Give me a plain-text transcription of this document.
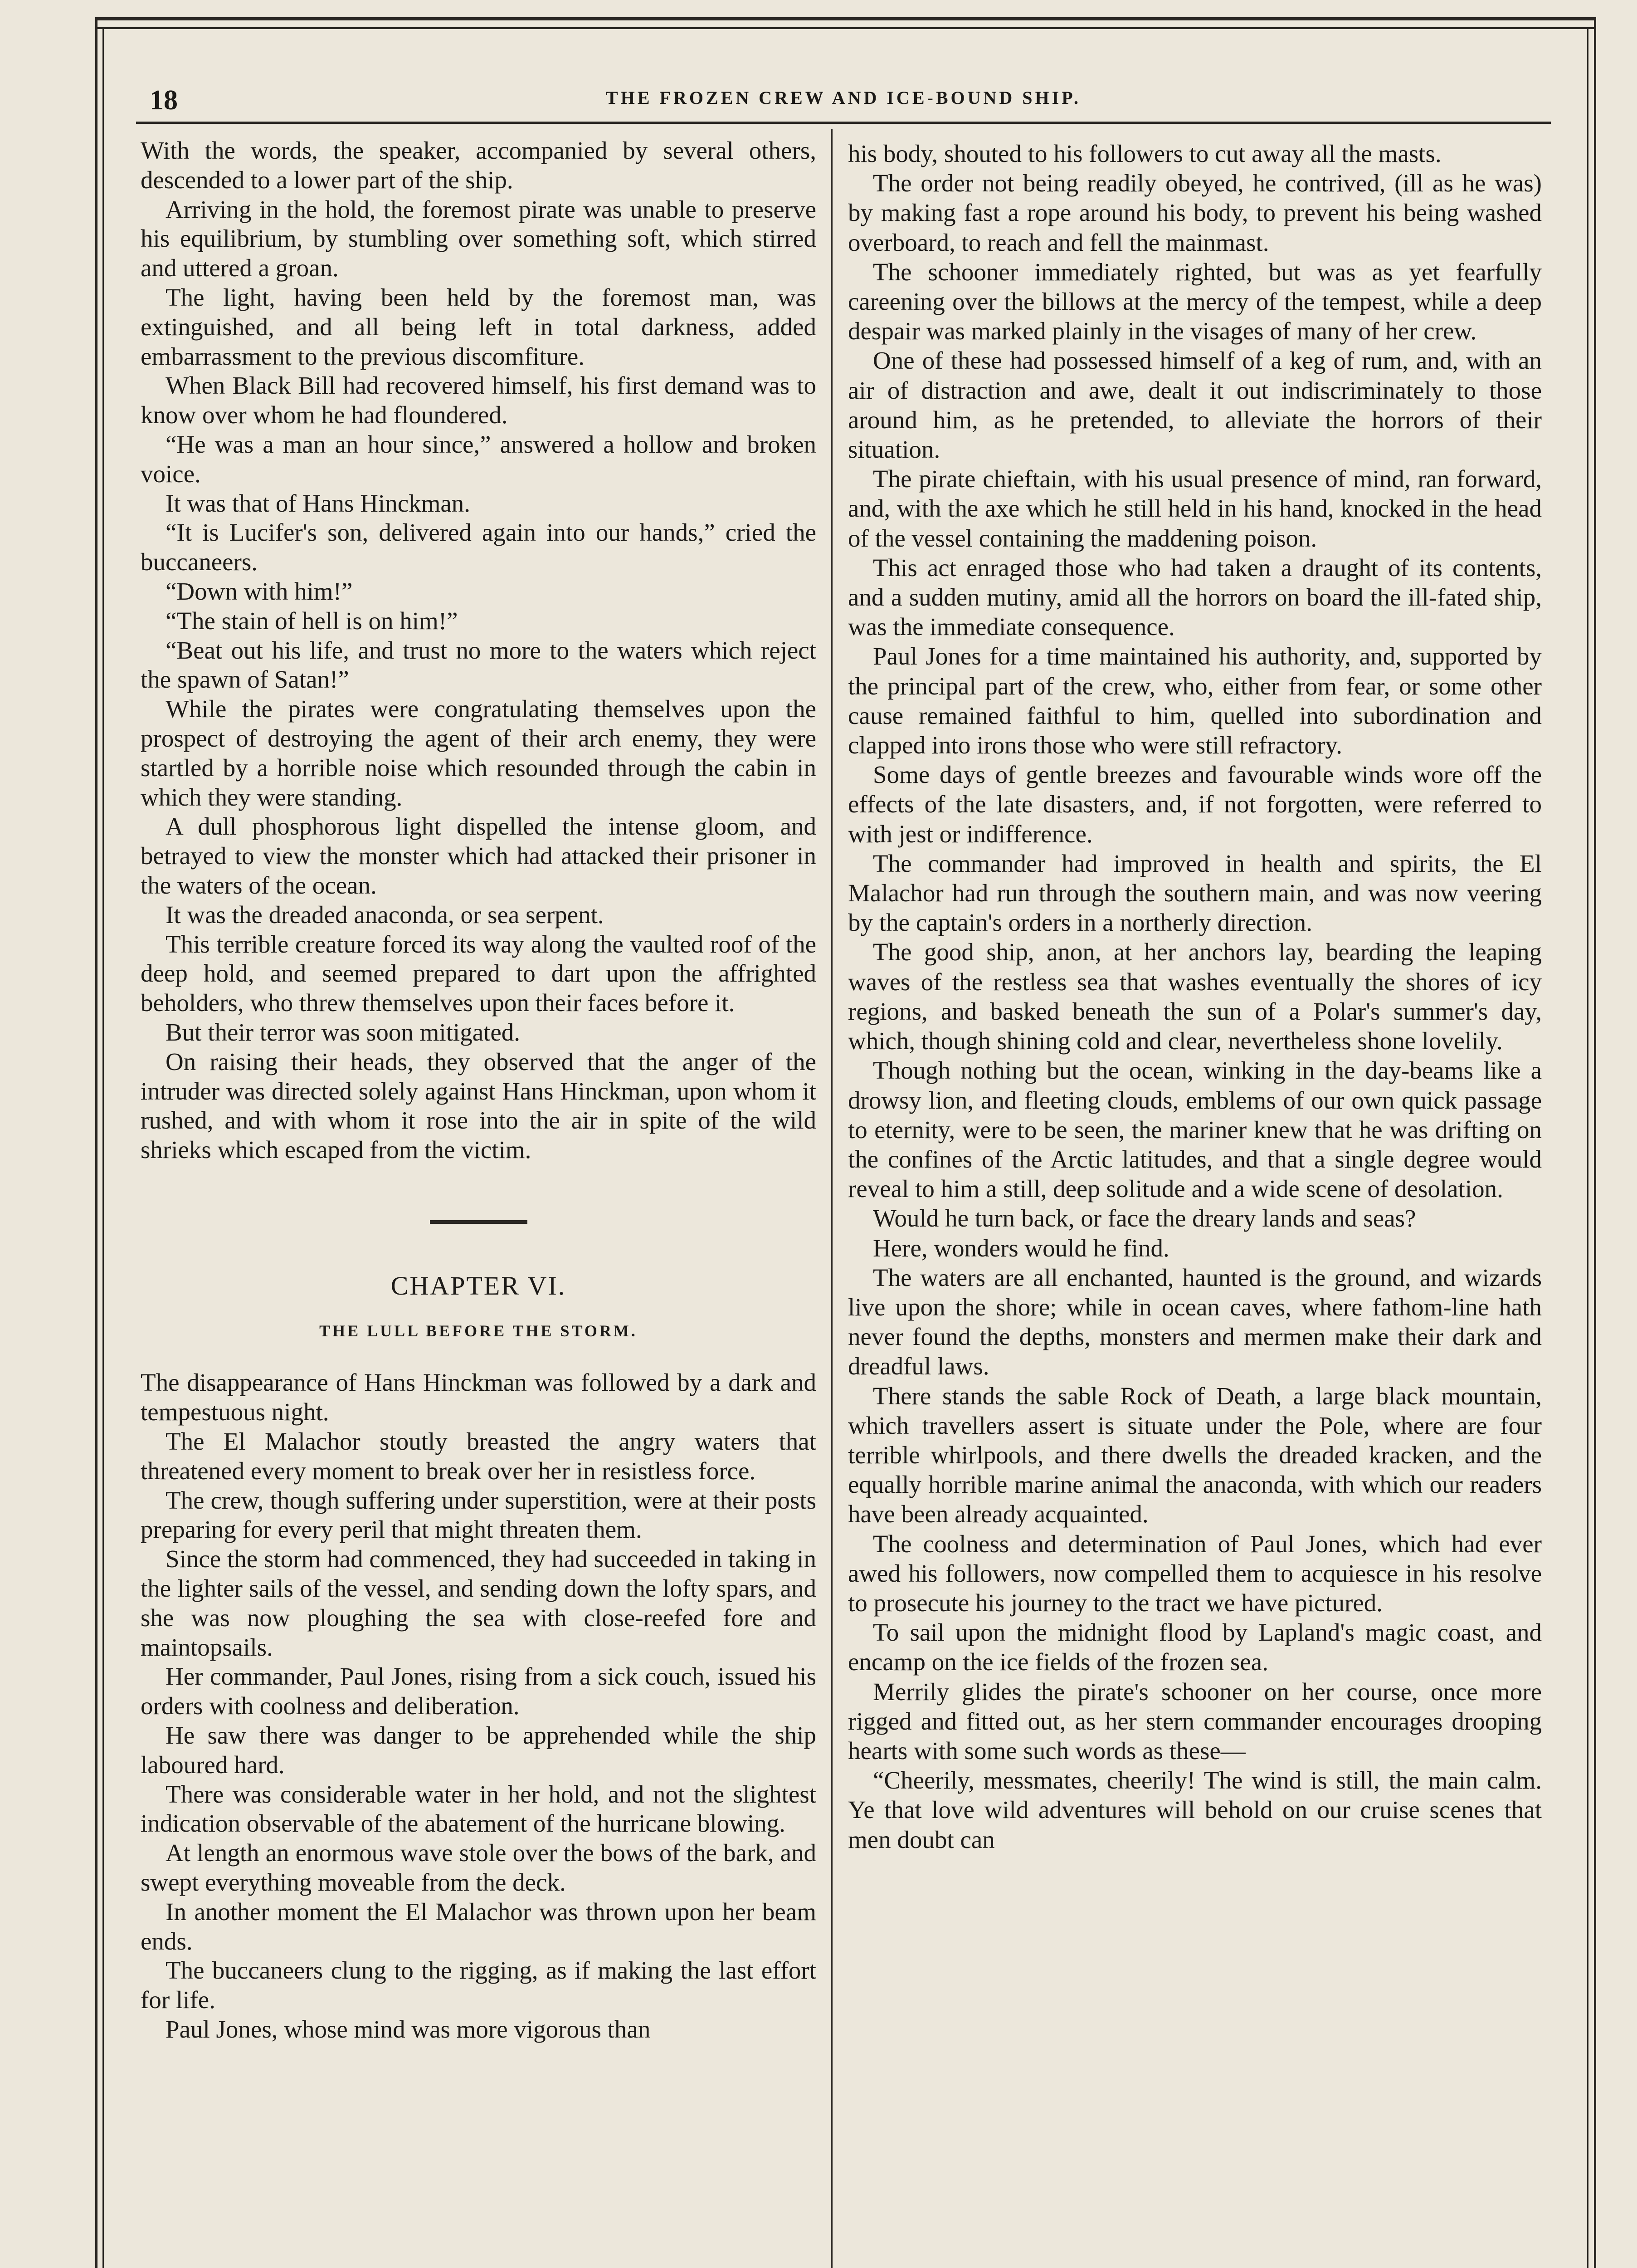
18	THE FROZEN CREW AND ICE-BOUND SHIP.

With the words, the speaker, accompanied by several others, descended to a lower part of the ship.

Arriving in the hold, the foremost pirate was unable to preserve his equilibrium, by stumbling over something soft, which stirred and uttered a groan.

The light, having been held by the foremost man, was extinguished, and all being left in total darkness, added embarrassment to the previous discomfiture.

When Black Bill had recovered himself, his first demand was to know over whom he had floundered.

“He was a man an hour since,” answered a hollow and broken voice.

It was that of Hans Hinckman.

“It is Lucifer's son, delivered again into our hands,” cried the buccaneers.

“Down with him!”

“The stain of hell is on him!”

“Beat out his life, and trust no more to the waters which reject the spawn of Satan!”

While the pirates were congratulating themselves upon the prospect of destroying the agent of their arch enemy, they were startled by a horrible noise which resounded through the cabin in which they were standing.

A dull phosphorous light dispelled the intense gloom, and betrayed to view the monster which had attacked their prisoner in the waters of the ocean.

It was the dreaded anaconda, or sea serpent.

This terrible creature forced its way along the vaulted roof of the deep hold, and seemed prepared to dart upon the affrighted beholders, who threw themselves upon their faces before it.

But their terror was soon mitigated.

On raising their heads, they observed that the anger of the intruder was directed solely against Hans Hinckman, upon whom it rushed, and with whom it rose into the air in spite of the wild shrieks which escaped from the victim.

CHAPTER VI.
THE LULL BEFORE THE STORM.

The disappearance of Hans Hinckman was followed by a dark and tempestuous night.

The El Malachor stoutly breasted the angry waters that threatened every moment to break over her in resistless force.

The crew, though suffering under superstition, were at their posts preparing for every peril that might threaten them.

Since the storm had commenced, they had succeeded in taking in the lighter sails of the vessel, and sending down the lofty spars, and she was now ploughing the sea with close-reefed fore and maintopsails.

Her commander, Paul Jones, rising from a sick couch, issued his orders with coolness and deliberation.

He saw there was danger to be apprehended while the ship laboured hard.

There was considerable water in her hold, and not the slightest indication observable of the abatement of the hurricane blowing.

At length an enormous wave stole over the bows of the bark, and swept everything moveable from the deck.

In another moment the El Malachor was thrown upon her beam ends.

The buccaneers clung to the rigging, as if making the last effort for life.

Paul Jones, whose mind was more vigorous than

his body, shouted to his followers to cut away all the masts.

The order not being readily obeyed, he contrived, (ill as he was) by making fast a rope around his body, to prevent his being washed overboard, to reach and fell the mainmast.

The schooner immediately righted, but was as yet fearfully careening over the billows at the mercy of the tempest, while a deep despair was marked plainly in the visages of many of her crew.

One of these had possessed himself of a keg of rum, and, with an air of distraction and awe, dealt it out indiscriminately to those around him, as he pretended, to alleviate the horrors of their situation.

The pirate chieftain, with his usual presence of mind, ran forward, and, with the axe which he still held in his hand, knocked in the head of the vessel containing the maddening poison.

This act enraged those who had taken a draught of its contents, and a sudden mutiny, amid all the horrors on board the ill-fated ship, was the immediate consequence.

Paul Jones for a time maintained his authority, and, supported by the principal part of the crew, who, either from fear, or some other cause remained faithful to him, quelled into subordination and clapped into irons those who were still refractory.

Some days of gentle breezes and favourable winds wore off the effects of the late disasters, and, if not forgotten, were referred to with jest or indifference.

The commander had improved in health and spirits, the El Malachor had run through the southern main, and was now veering by the captain's orders in a northerly direction.

The good ship, anon, at her anchors lay, bearding the leaping waves of the restless sea that washes eventually the shores of icy regions, and basked beneath the sun of a Polar's summer's day, which, though shining cold and clear, nevertheless shone lovelily.

Though nothing but the ocean, winking in the day-beams like a drowsy lion, and fleeting clouds, emblems of our own quick passage to eternity, were to be seen, the mariner knew that he was drifting on the confines of the Arctic latitudes, and that a single degree would reveal to him a still, deep solitude and a wide scene of desolation.

Would he turn back, or face the dreary lands and seas?

Here, wonders would he find.

The waters are all enchanted, haunted is the ground, and wizards live upon the shore; while in ocean caves, where fathom-line hath never found the depths, monsters and mermen make their dark and dreadful laws.

There stands the sable Rock of Death, a large black mountain, which travellers assert is situate under the Pole, where are four terrible whirlpools, and there dwells the dreaded kracken, and the equally horrible marine animal the anaconda, with which our readers have been already acquainted.

The coolness and determination of Paul Jones, which had ever awed his followers, now compelled them to acquiesce in his resolve to prosecute his journey to the tract we have pictured.

To sail upon the midnight flood by Lapland's magic coast, and encamp on the ice fields of the frozen sea.

Merrily glides the pirate's schooner on her course, once more rigged and fitted out, as her stern commander encourages drooping hearts with some such words as these—

“Cheerily, messmates, cheerily! The wind is still, the main calm. Ye that love wild adventures will behold on our cruise scenes that men doubt can
